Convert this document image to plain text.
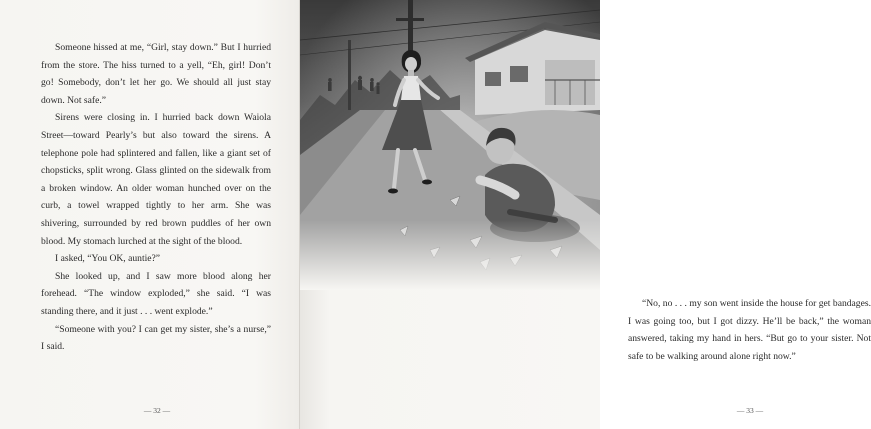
Someone hissed at me, “Girl, stay down.” But I hurried from the store. The hiss turned to a yell, “Eh, girl! Don’t go! Somebody, don’t let her go. We should all just stay down. Not safe.”

Sirens were closing in. I hurried back down Waiola Street—toward Pearly’s but also toward the sirens. A telephone pole had splintered and fallen, like a giant set of chopsticks, split wrong. Glass glinted on the sidewalk from a broken window. An older woman hunched over on the curb, a towel wrapped tightly to her arm. She was shivering, surrounded by red brown puddles of her own blood. My stomach lurched at the sight of the blood.

I asked, “You OK, auntie?”

She looked up, and I saw more blood along her forehead. “The window exploded,” she said. “I was standing there, and it just . . . went explode.”

“Someone with you? I can get my sister, she’s a nurse,” I said.

— 32 —

“No, no . . . my son went inside the house for get bandages. I was going too, but I got dizzy. He’ll be back,” the woman answered, taking my hand in hers. “But go to your sister. Not safe to be walking around alone right now.”

— 33 —
